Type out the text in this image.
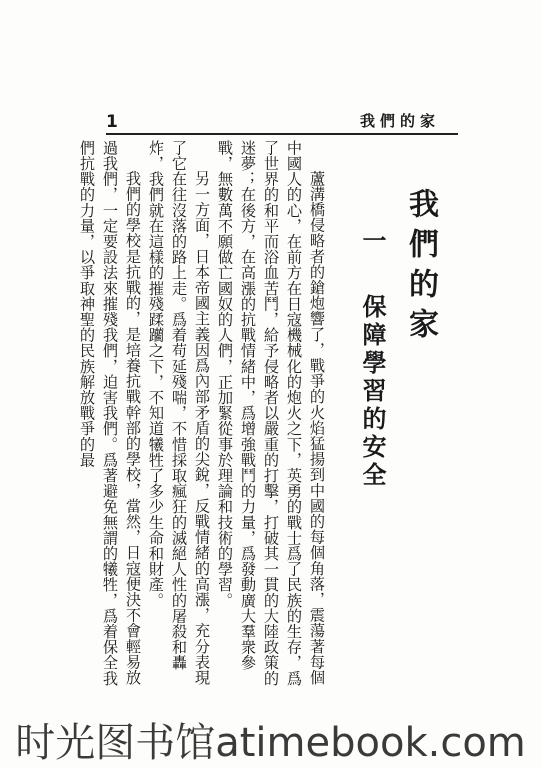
1	我們的家
我們的家
一保障學習的安全

蘆溝橋侵略者的鎗炮響了，戰爭的火焰猛揚到中國的每個角落，震蕩著每個中國人的心，在前方在日寇機械化的炮火之下，英勇的戰士爲了民族的生存，爲了世界的和平而浴血苦鬥，給予侵略者以嚴重的打擊，打破其一貫的大陸政策的迷夢；在後方，在高漲的抗戰情緒中，爲增強戰鬥的力量，爲發動廣大羣衆參戰，無數萬不願做亡國奴的人們，正加緊從事於理論和技術的學習。

另一方面，日本帝國主義因爲內部矛盾的尖銳，反戰情緒的高漲，充分表現了它在往沒落的路上走。爲着苟延殘喘，不惜採取瘋狂的滅絕人性的屠殺和轟炸，我們就在這樣的摧殘蹂躪之下，不知道犧牲了多少生命和財產。

我們的學校是抗戰的，是培養抗戰幹部的學校，當然，日寇便決不會輕易放過我們，一定要設法來摧殘我們，迫害我們。爲著避免無謂的犧牲，爲着保全我們抗戰的力量，以爭取神聖的民族解放戰爭的最

时光图书馆atimebook.com
